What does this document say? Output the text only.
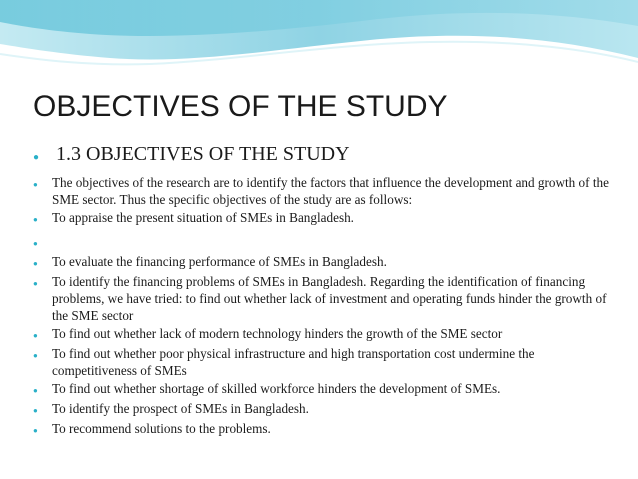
OBJECTIVES OF THE STUDY
● 1.3 OBJECTIVES OF THE STUDY
●	The objectives of the research are to identify the factors that influence the development and growth of the SME sector. Thus the specific objectives of the study are as follows:
●	To appraise the present situation of SMEs in Bangladesh.
●
●	To evaluate the financing performance of SMEs in Bangladesh.
●	To identify the financing problems of SMEs in Bangladesh. Regarding the identification of financing problems, we have tried: to find out whether lack of investment and operating funds hinder the growth of the SME sector
●	To find out whether lack of modern technology hinders the growth of the SME sector
●	To find out whether poor physical infrastructure and high transportation cost undermine the competitiveness of SMEs
●	To find out whether shortage of skilled workforce hinders the development of SMEs.
●	To identify the prospect of SMEs in Bangladesh.
●	To recommend solutions to the problems.
